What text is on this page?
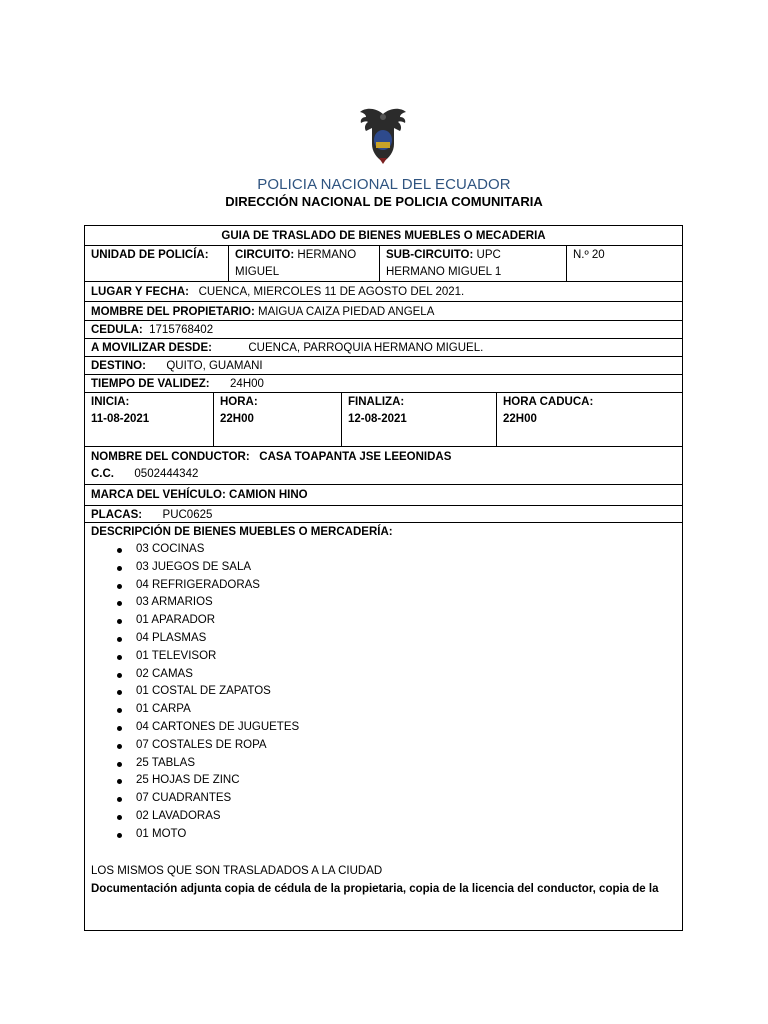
POLICIA NACIONAL DEL ECUADOR
DIRECCIÓN NACIONAL DE POLICIA COMUNITARIA
GUIA DE TRASLADO DE BIENES MUEBLES O MECADERIA
UNIDAD DE POLICÍA:	CIRCUITO: HERMANO
MIGUEL
SUB-CIRCUITO: UPC
HERMANO MIGUEL 1
N.º 20
LUGAR Y FECHA: CUENCA, MIERCOLES 11 DE AGOSTO DEL 2021.
MOMBRE DEL PROPIETARIO: MAIGUA CAIZA PIEDAD ANGELA
CEDULA: 1715768402
A MOVILIZAR DESDE:	CUENCA, PARROQUIA HERMANO MIGUEL.
DESTINO: QUITO, GUAMANI
TIEMPO DE VALIDEZ: 24H00
INICIA:
11-08-2021
HORA:
22H00
FINALIZA:
12-08-2021
HORA CADUCA:
22H00
NOMBRE DEL CONDUCTOR: CASA TOAPANTA JSE LEEONIDAS
C.C. 0502444342
MARCA DEL VEHÍCULO: CAMION HINO
PLACAS: PUC0625
DESCRIPCIÓN DE BIENES MUEBLES O MERCADERÍA:
03 COCINAS
03 JUEGOS DE SALA
04 REFRIGERADORAS
03 ARMARIOS
01 APARADOR
04 PLASMAS
01 TELEVISOR
02 CAMAS
01 COSTAL DE ZAPATOS
01 CARPA
04 CARTONES DE JUGUETES
07 COSTALES DE ROPA
25 TABLAS
25 HOJAS DE ZINC
07 CUADRANTES
02 LAVADORAS
01 MOTO
LOS MISMOS QUE SON TRASLADADOS A LA CIUDAD
Documentación adjunta copia de cédula de la propietaria, copia de la licencia del conductor, copia de la
